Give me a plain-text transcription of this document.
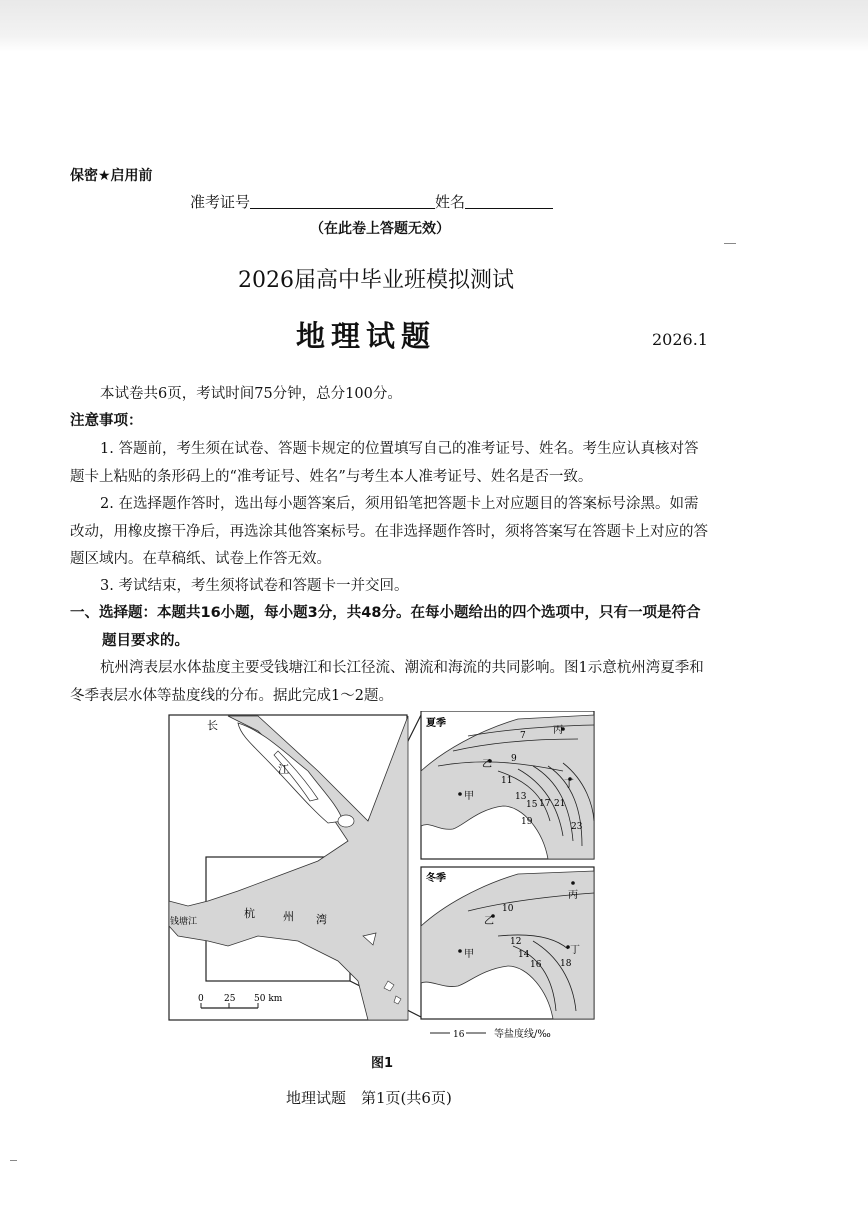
保密★启用前
准考证号	姓名
（在此卷上答题无效）
2026届高中毕业班模拟测试
地理试题	2026.1
本试卷共6页，考试时间75分钟，总分100分。
注意事项：
1. 答题前，考生须在试卷、答题卡规定的位置填写自己的准考证号、姓名。考生应认真核对答题卡上粘贴的条形码上的“准考证号、姓名”与考生本人准考证号、姓名是否一致。
2. 在选择题作答时，选出每小题答案后，须用铅笔把答题卡上对应题目的答案标号涂黑。如需改动，用橡皮擦干净后，再选涂其他答案标号。在非选择题作答时，须将答案写在答题卡上对应的答题区域内。在草稿纸、试卷上作答无效。
3. 考试结束，考生须将试卷和答题卡一并交回。
一、选择题：本题共16小题，每小题3分，共48分。在每小题给出的四个选项中，只有一项是符合题目要求的。
杭州湾表层水体盐度主要受钱塘江和长江径流、潮流和海流的共同影响。图1示意杭州湾夏季和冬季表层水体等盐度线的分布。据此完成1～2题。
长
江
杭	州 湾
钱塘江
0 25 50 km
夏季
7
9
11
13
15 17
19
21
23
甲
乙
丙
丁
冬季
10
12
14
16 18
甲
乙
丙
丁
16	等盐度线/‰
图1
地理试题　第1页(共6页)
